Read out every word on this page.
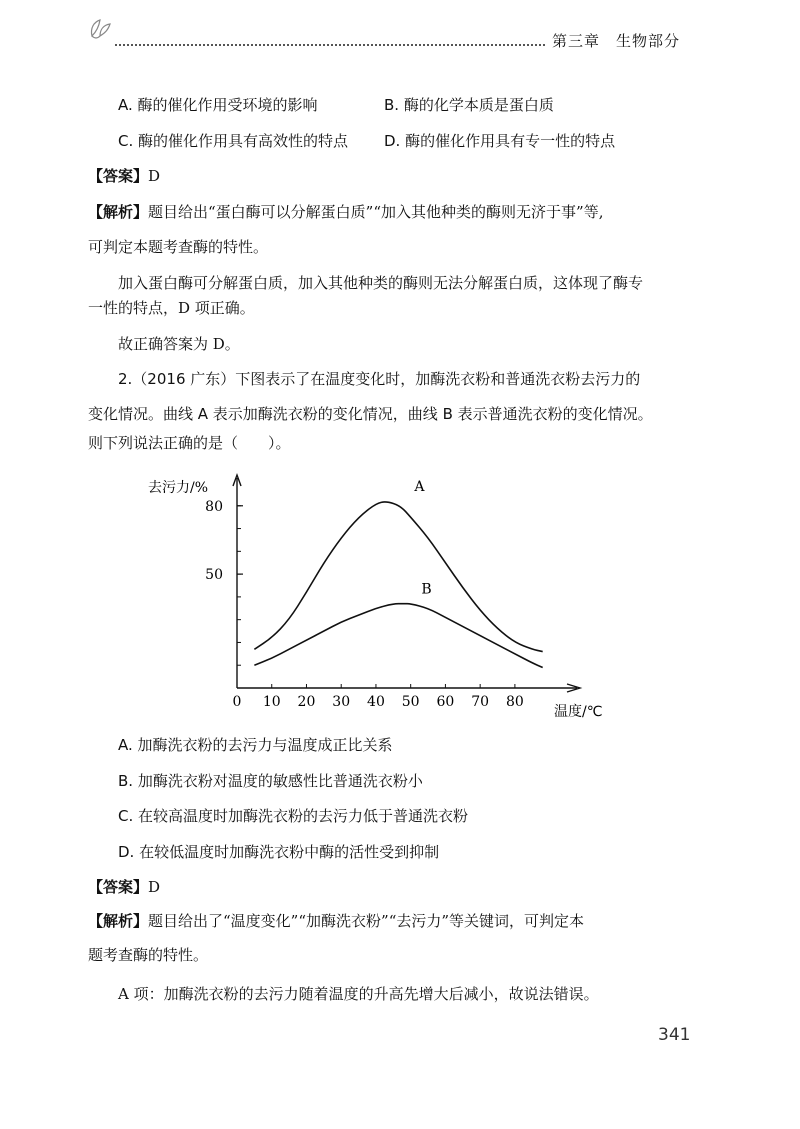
第三章 生物部分
A. 酶的催化作用受环境的影响	B. 酶的化学本质是蛋白质
C. 酶的催化作用具有高效性的特点 D. 酶的催化作用具有专一性的特点
【答案】D
【解析】题目给出“蛋白酶可以分解蛋白质”“加入其他种类的酶则无济于事”等,
可判定本题考查酶的特性。
加入蛋白酶可分解蛋白质，加入其他种类的酶则无法分解蛋白质，这体现了酶专
一性的特点，D 项正确。
故正确答案为 D。
2.（2016 广东）下图表示了在温度变化时，加酶洗衣粉和普通洗衣粉去污力的
变化情况。曲线 A 表示加酶洗衣粉的变化情况，曲线 B 表示普通洗衣粉的变化情况。
则下列说法正确的是（　　）。
0 10 20 30 40 50 60 70 80
50
80
去污力/%
温度/℃
A
B
A. 加酶洗衣粉的去污力与温度成正比关系
B. 加酶洗衣粉对温度的敏感性比普通洗衣粉小
C. 在较高温度时加酶洗衣粉的去污力低于普通洗衣粉
D. 在较低温度时加酶洗衣粉中酶的活性受到抑制
【答案】D
【解析】题目给出了“温度变化”“加酶洗衣粉”“去污力”等关键词，可判定本
题考查酶的特性。
A 项：加酶洗衣粉的去污力随着温度的升高先增大后减小，故说法错误。
341
